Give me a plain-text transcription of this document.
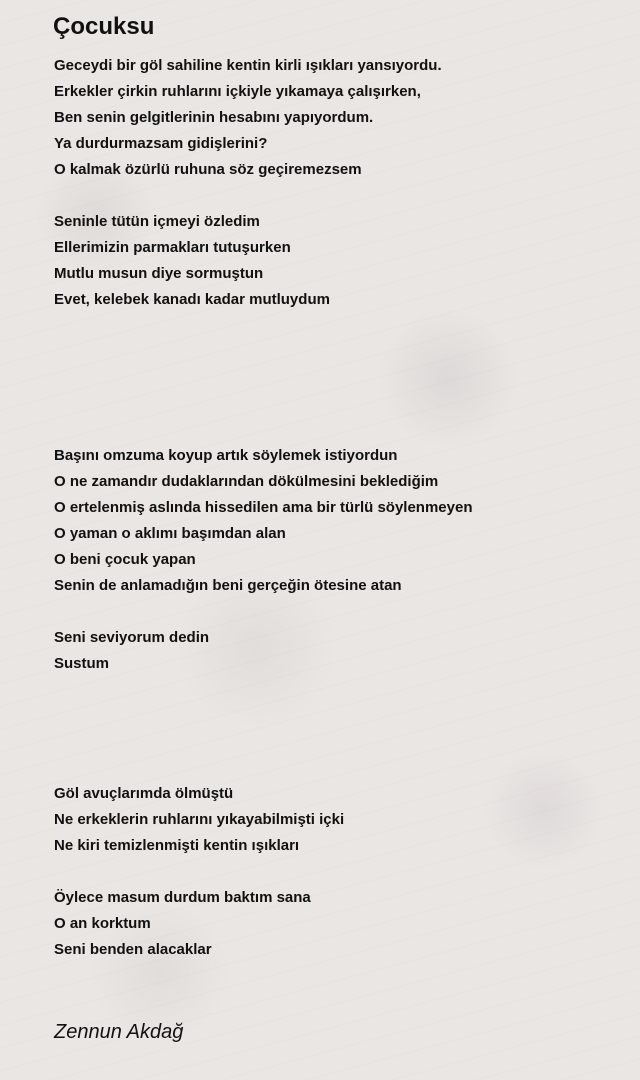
Çocuksu
Geceydi bir göl sahiline kentin kirli ışıkları yansıyordu.
Erkekler çirkin ruhlarını içkiyle yıkamaya çalışırken,
Ben senin gelgitlerinin hesabını yapıyordum.
Ya durdurmazsam gidişlerini?
O kalmak özürlü ruhuna söz geçiremezsem
Seninle tütün içmeyi özledim
Ellerimizin parmakları tutuşurken
Mutlu musun diye sormuştun
Evet, kelebek kanadı kadar mutluydum
Başını omzuma koyup artık söylemek istiyordun
O ne zamandır dudaklarından dökülmesini beklediğim
O ertelenmiş aslında hissedilen ama bir türlü söylenmeyen
O yaman o aklımı başımdan alan
O beni çocuk yapan
Senin de anlamadığın beni gerçeğin ötesine atan
Seni seviyorum dedin
Sustum
Göl avuçlarımda ölmüştü
Ne erkeklerin ruhlarını yıkayabilmişti içki
Ne kiri temizlenmişti kentin ışıkları
Öylece masum durdum baktım sana
O an korktum
Seni benden alacaklar
Zennun Akdağ
